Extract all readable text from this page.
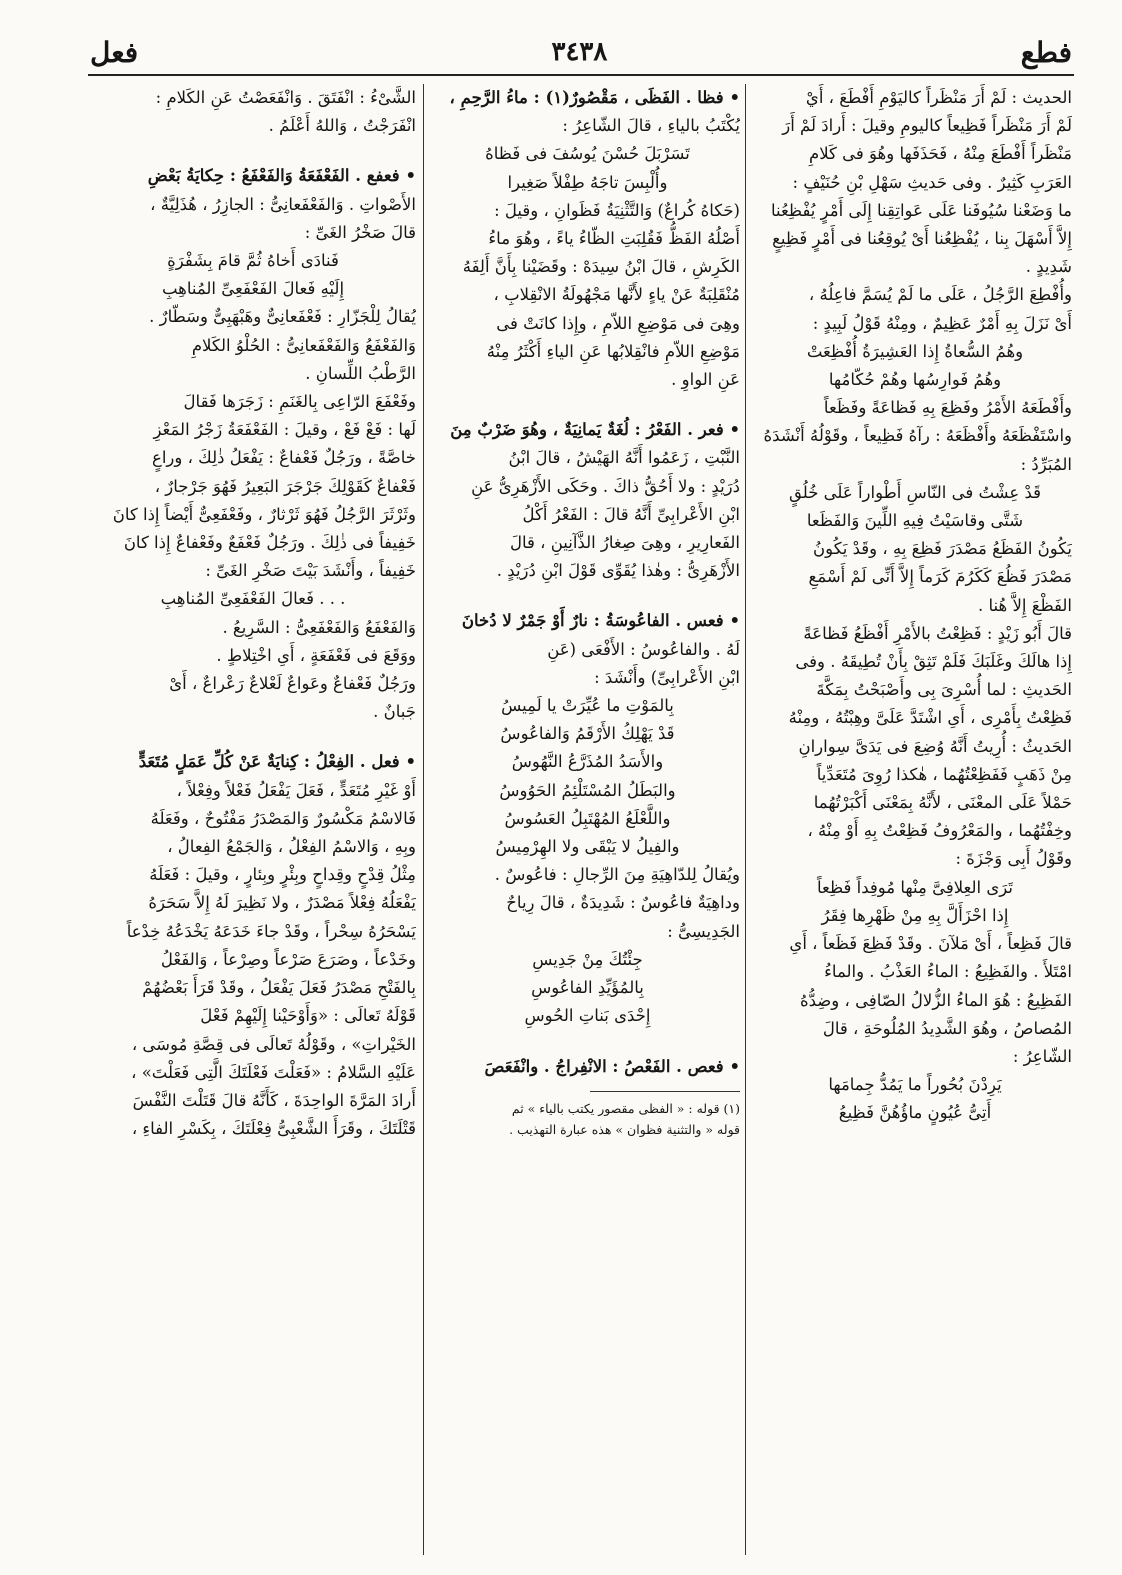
فطع
٣٤٣٨
فعل

الحديث : لَمْ أَرَ مَنْظَراً كاليَوْمِ أَفْطَعَ ، أَيْ

لَمْ أَرَ مَنْظَراً فَظِيعاً كاليومِ وقيلَ : أَرادَ لَمْ أَرَ

مَنْظَراً أَفْطَعَ مِنْهُ ، فَحَذَفَها وهُوَ فى كَلامِ

العَرَبِ كَثِيرٌ . وفى حَديثِ سَهْلِ بْنِ حُنَيْفٍ :

ما وَضَعْنا سُيُوفَنا عَلَى عَواتِقِنا إِلَى أَمْرٍ يُفْظِعُنا

إِلاَّ أَسْهَلَ بِنا ، يُفْظِعُنا أَىْ يُوقِعُنا فى أَمْرٍ فَظِيعٍ

شَدِيدٍ .

وأُفْطِعَ الرَّجُلُ ، عَلَى ما لَمْ يُسَمَّ فاعِلُهُ ،

أَىْ نَزَلَ بِهِ أَمْرٌ عَظِيمٌ ، ومِنْهُ قَوْلُ لَبِيدٍ :

وهُمُ السُّعاةُ إِذا العَشِيرَةُ أُفْظِعَتْ

وهُمُ فَوارِسُها وهُمْ حُكّامُها

وأَفْطَعَهُ الأَمْرُ وفَظِعَ بِهِ فَظاعَةً وفَظَعاً

واسْتَفْظَعَهُ وأَفْظَعَهُ : رآهُ فَظِيعاً ، وقَوْلُهُ أَنْشَدَهُ

المُبَرِّدُ :

قَدْ عِشْتُ فى النّاسِ أَطْواراً عَلَى خُلُقٍ

شَتَّى وقاسَيْتُ فِيهِ اللِّينَ وَالفَظَعا

يَكُونُ الفَظَعُ مَصْدَرَ فَظِعَ بِهِ ، وقَدْ يَكُونُ

مَصْدَرَ فَظُعَ كَكَرُمَ كَرَماً إِلاَّ أَنِّى لَمْ أَسْمَعِ

الفَظْعَ إِلاَّ هُنا .

قالَ أَبُو زَيْدٍ : فَظِعْتُ بالأَمْرِ أَفْظَعُ فَظاعَةً

إِذا هالَكَ وغَلَبَكَ فَلَمْ تَثِقْ بِأَنْ تُطِيقَهُ . وفى

الحَديثِ : لما أُسْرِىَ بِى وأَصْبَحْتُ بِمَكَّةَ

فَظِعْتُ بِأَمْرِى ، أَىِ اشْتَدَّ عَلَىَّ وهِبْتُهُ ، ومِنْهُ

الحَديثُ : أُرِيتُ أَنَّهُ وُضِعَ فى يَدَىَّ سِوارانِ

مِنْ ذَهَبٍ فَفَظِعْتُهُما ، هٰكذا رُوِىَ مُتَعَدِّياً

حَمْلاً عَلَى المعْنَى ، لأَنَّهُ بِمَعْنَى أَكْبَرْتُهُما

وخِفْتُهُما ، والمَعْرُوفُ فَظِعْتُ بِهِ أَوْ مِنْهُ ،

وقَوْلُ أَبِى وَجْزَةَ :

تَرَى العِلافِىَّ مِنْها مُوفِداً فَظِعاً

إِذا احْزَأَلَّ بِهِ مِنْ ظَهْرِها فِقَرُ

قالَ فَظِعاً ، أَىْ مَلآنَ . وقَدْ فَظِعَ فَظَعاً ، أَىِ

امْتَلأَ . والفَظِيعُ : الماءُ العَذْبُ . والماءُ

الفَظِيعُ : هُوَ الماءُ الزُّلالُ الصّافِى ، وضِدُّهُ

المُصاصُ ، وهُوَ الشَّدِيدُ المُلُوحَةِ ، قالَ

الشّاعِرُ :

يَرِدْنَ بُحُوراً ما يَمُدُّ جِمامَها

أَتِىُّ عُيُونٍ ماؤُهُنَّ فَظِيعُ

• فظا . الفَظَى ، مَقْصُورٌ(١) : ماءُ الرَّحِمِ ،

يُكْتَبُ بالياءِ ، قالَ الشّاعِرُ :

تَسَرْبَلَ حُسْنَ يُوسُفَ فى فَظاهُ

وأُلْبِسَ تاجَهُ طِفْلاً صَغِيرا

(حَكاهُ كُراعٌ) وَالتَّثْنِيَةُ فَظَوانِ ، وقيلَ :

أَصْلُهُ الفَظُّ فَقُلِبَتِ الظّاءُ ياءً ، وهُوَ ماءُ

الكَرِشِ ، قالَ ابْنُ سِيدَهْ : وقَضَيْنا بِأَنَّ أَلِفَهُ

مُنْقَلِبَةٌ عَنْ ياءٍ لأَنَّها مَجْهُولَةُ الانْقِلابِ ،

وهِىَ فى مَوْضِعِ اللاّمِ ، وإِذا كانَتْ فى

مَوْضِعِ اللاّمِ فانْقِلابُها عَنِ الياءِ أَكْثَرُ مِنْهُ

عَنِ الواوِ .

• فعر . الفَعْرُ : لُغَةٌ يَمانِيَةٌ ، وهُوَ ضَرْبٌ مِنَ

النَّبْتِ ، زَعَمُوا أَنَّهُ الهَيْشُ ، قالَ ابْنُ

دُرَيْدٍ : ولا أَحُقُّ ذاكَ . وحَكَى الأَزْهَرِىُّ عَنِ

ابْنِ الأَعْرابِىِّ أَنَّهُ قالَ : الفَعْرُ أَكْلُ

الفَعارِيرِ ، وهِىَ صِغارُ الذَّآنِينِ ، قالَ

الأَزْهَرِىُّ : وهٰذا يُقَوِّى قَوْلَ ابْنِ دُرَيْدٍ .

• فعس . الفاعُوسَةُ : نارٌ أَوْ جَمْرٌ لا دُخانَ

لَهُ . والفاعُوسُ : الأَفْعَى (عَنِ

ابْنِ الأَعْرابِىِّ) وأَنْشَدَ :

بِالمَوْتِ ما عُيِّرَتْ يا لَمِيسُ

قَدْ يَهْلِكُ الأَرْقَمُ وَالفاعُوسُ

والأَسَدُ المُذَرَّعُ النَّهُوسُ

والبَطَلُ المُسْتَلْئِمُ الحَوُوسُ

واللَّعْلَعُ المُهْتَبِلُ العَسُوسُ

والفِيلُ لا يَبْقَى ولا الهِرْمِيسُ

ويُقالُ لِلدّاهِيَةِ مِنَ الرِّجالِ : فاعُوسٌ .

وداهِيَةٌ فاعُوسٌ : شَدِيدَةٌ ، قالَ رِياحٌ

الجَدِيسِىُّ :

جِئْتُكَ مِنْ جَدِيسِ

بِالمُؤَيِّدِ الفاعُوسِ

إِحْدَى بَناتِ الحُوسِ

• فعص . الفَعْصُ : الانْفِراجُ . وانْفَعَصَ

(١) قوله : « الفظى مقصور يكتب بالياء » ثم

قوله « والتثنية فظوان » هذه عبارة التهذيب .

الشَّىْءُ : انْفَتَقَ . وَانْفَعَصْتُ عَنِ الكَلامِ :

انْفَرَجْتُ ، وَاللهُ أَعْلَمُ .

• فعفع . الفَعْفَعَةُ وَالفَعْفَعُ : حِكايَةُ بَعْضِ

الأَصْواتِ . وَالفَعْفَعانِىُّ : الجازِرُ ، هُذَلِيَّةٌ ،

قالَ صَخْرُ الغَىِّ :

فَنادَى أَخاهُ ثُمَّ قامَ بِشَفْرَةٍ

إِلَيْهِ فَعالَ الفَعْفَعِىِّ المُناهِبِ

يُقالُ لِلْجَزّارِ : فَعْفَعانِىٌّ وهَبْهَبِىٌّ وسَطّارٌ .

وَالفَعْفَعُ وَالفَعْفَعانِىُّ : الحُلْوُ الكَلامِ

الرَّطْبُ اللِّسانِ .

وفَعْفَعَ الرّاعِى بِالغَنَمِ : زَجَرَها فَقالَ

لَها : فَعْ فَعْ ، وقيلَ : الفَعْفَعَةُ زَجْرُ المَعْزِ

خاصَّةً ، ورَجُلٌ فَعْفاعٌ : يَفْعَلُ ذٰلِكَ ، وراعٍ

فَعْفاعٌ كَقَوْلِكَ جَرْجَرَ البَعِيرُ فَهُوَ جَرْجارٌ ،

وثَرْثَرَ الرَّجُلُ فَهُوَ ثَرْثارٌ ، وفَعْفَعِىٌّ أَيْضاً إِذا كانَ

خَفِيفاً فى ذٰلِكَ . ورَجُلٌ فَعْفَعٌ وفَعْفاعٌ إِذا كانَ

خَفِيفاً ، وأَنْشَدَ بَيْتَ صَخْرِ الغَىِّ :

. . . فَعالَ الفَعْفَعِىِّ المُناهِبِ

وَالفَعْفَعُ وَالفَعْفَعِىُّ : السَّرِيعُ .

ووَقَعَ فى فَعْفَعَةٍ ، أَىِ اخْتِلاطٍ .

ورَجُلٌ فَعْفاعٌ وعَواعٌ لَعْلاعٌ رَعْراعٌ ، أَىْ

جَبانٌ .

• فعل . الفِعْلُ : كِنايَةٌ عَنْ كُلِّ عَمَلٍ مُتَعَدٍّ

أَوْ غَيْرِ مُتَعَدٍّ ، فَعَلَ يَفْعَلُ فَعْلاً وفِعْلاً ،

فَالاسْمُ مَكْسُورٌ وَالمَصْدَرُ مَفْتُوحٌ ، وفَعَلَهُ

وبِهِ ، وَالاسْمُ الفِعْلُ ، وَالجَمْعُ الفِعالُ ،

مِثْلُ قِدْحٍ وقِداحٍ وبِئْرٍ وبِئارٍ ، وقيلَ : فَعَلَهُ

يَفْعَلُهُ فِعْلاً مَصْدَرٌ ، ولا نَظِيرَ لَهُ إِلاَّ سَحَرَهُ

يَسْحَرُهُ سِحْراً ، وقَدْ جاءَ خَدَعَهُ يَخْدَعُهُ خِدْعاً

وخَدْعاً ، وصَرَعَ صَرْعاً وصِرْعاً ، وَالفَعْلُ

بِالفَتْحِ مَصْدَرُ فَعَلَ يَفْعَلُ ، وقَدْ قَرَأَ بَعْضُهُمْ

قَوْلَهُ تَعالَى : «وَأَوْحَيْنا إِلَيْهِمْ فَعْلَ

الخَيْراتِ» ، وقَوْلُهُ تَعالَى فى قِصَّةِ مُوسَى ،

عَلَيْهِ السَّلامُ : «فَعَلْتَ فَعْلَتَكَ الَّتِى فَعَلْتَ» ،

أَرادَ المَرَّةَ الواحِدَةَ ، كَأَنَّهُ قالَ قَتَلْتَ النَّفْسَ

قَتْلَتَكَ ، وقَرَأَ الشَّعْبِىُّ فِعْلَتَكَ ، بِكَسْرِ الفاءِ ،
